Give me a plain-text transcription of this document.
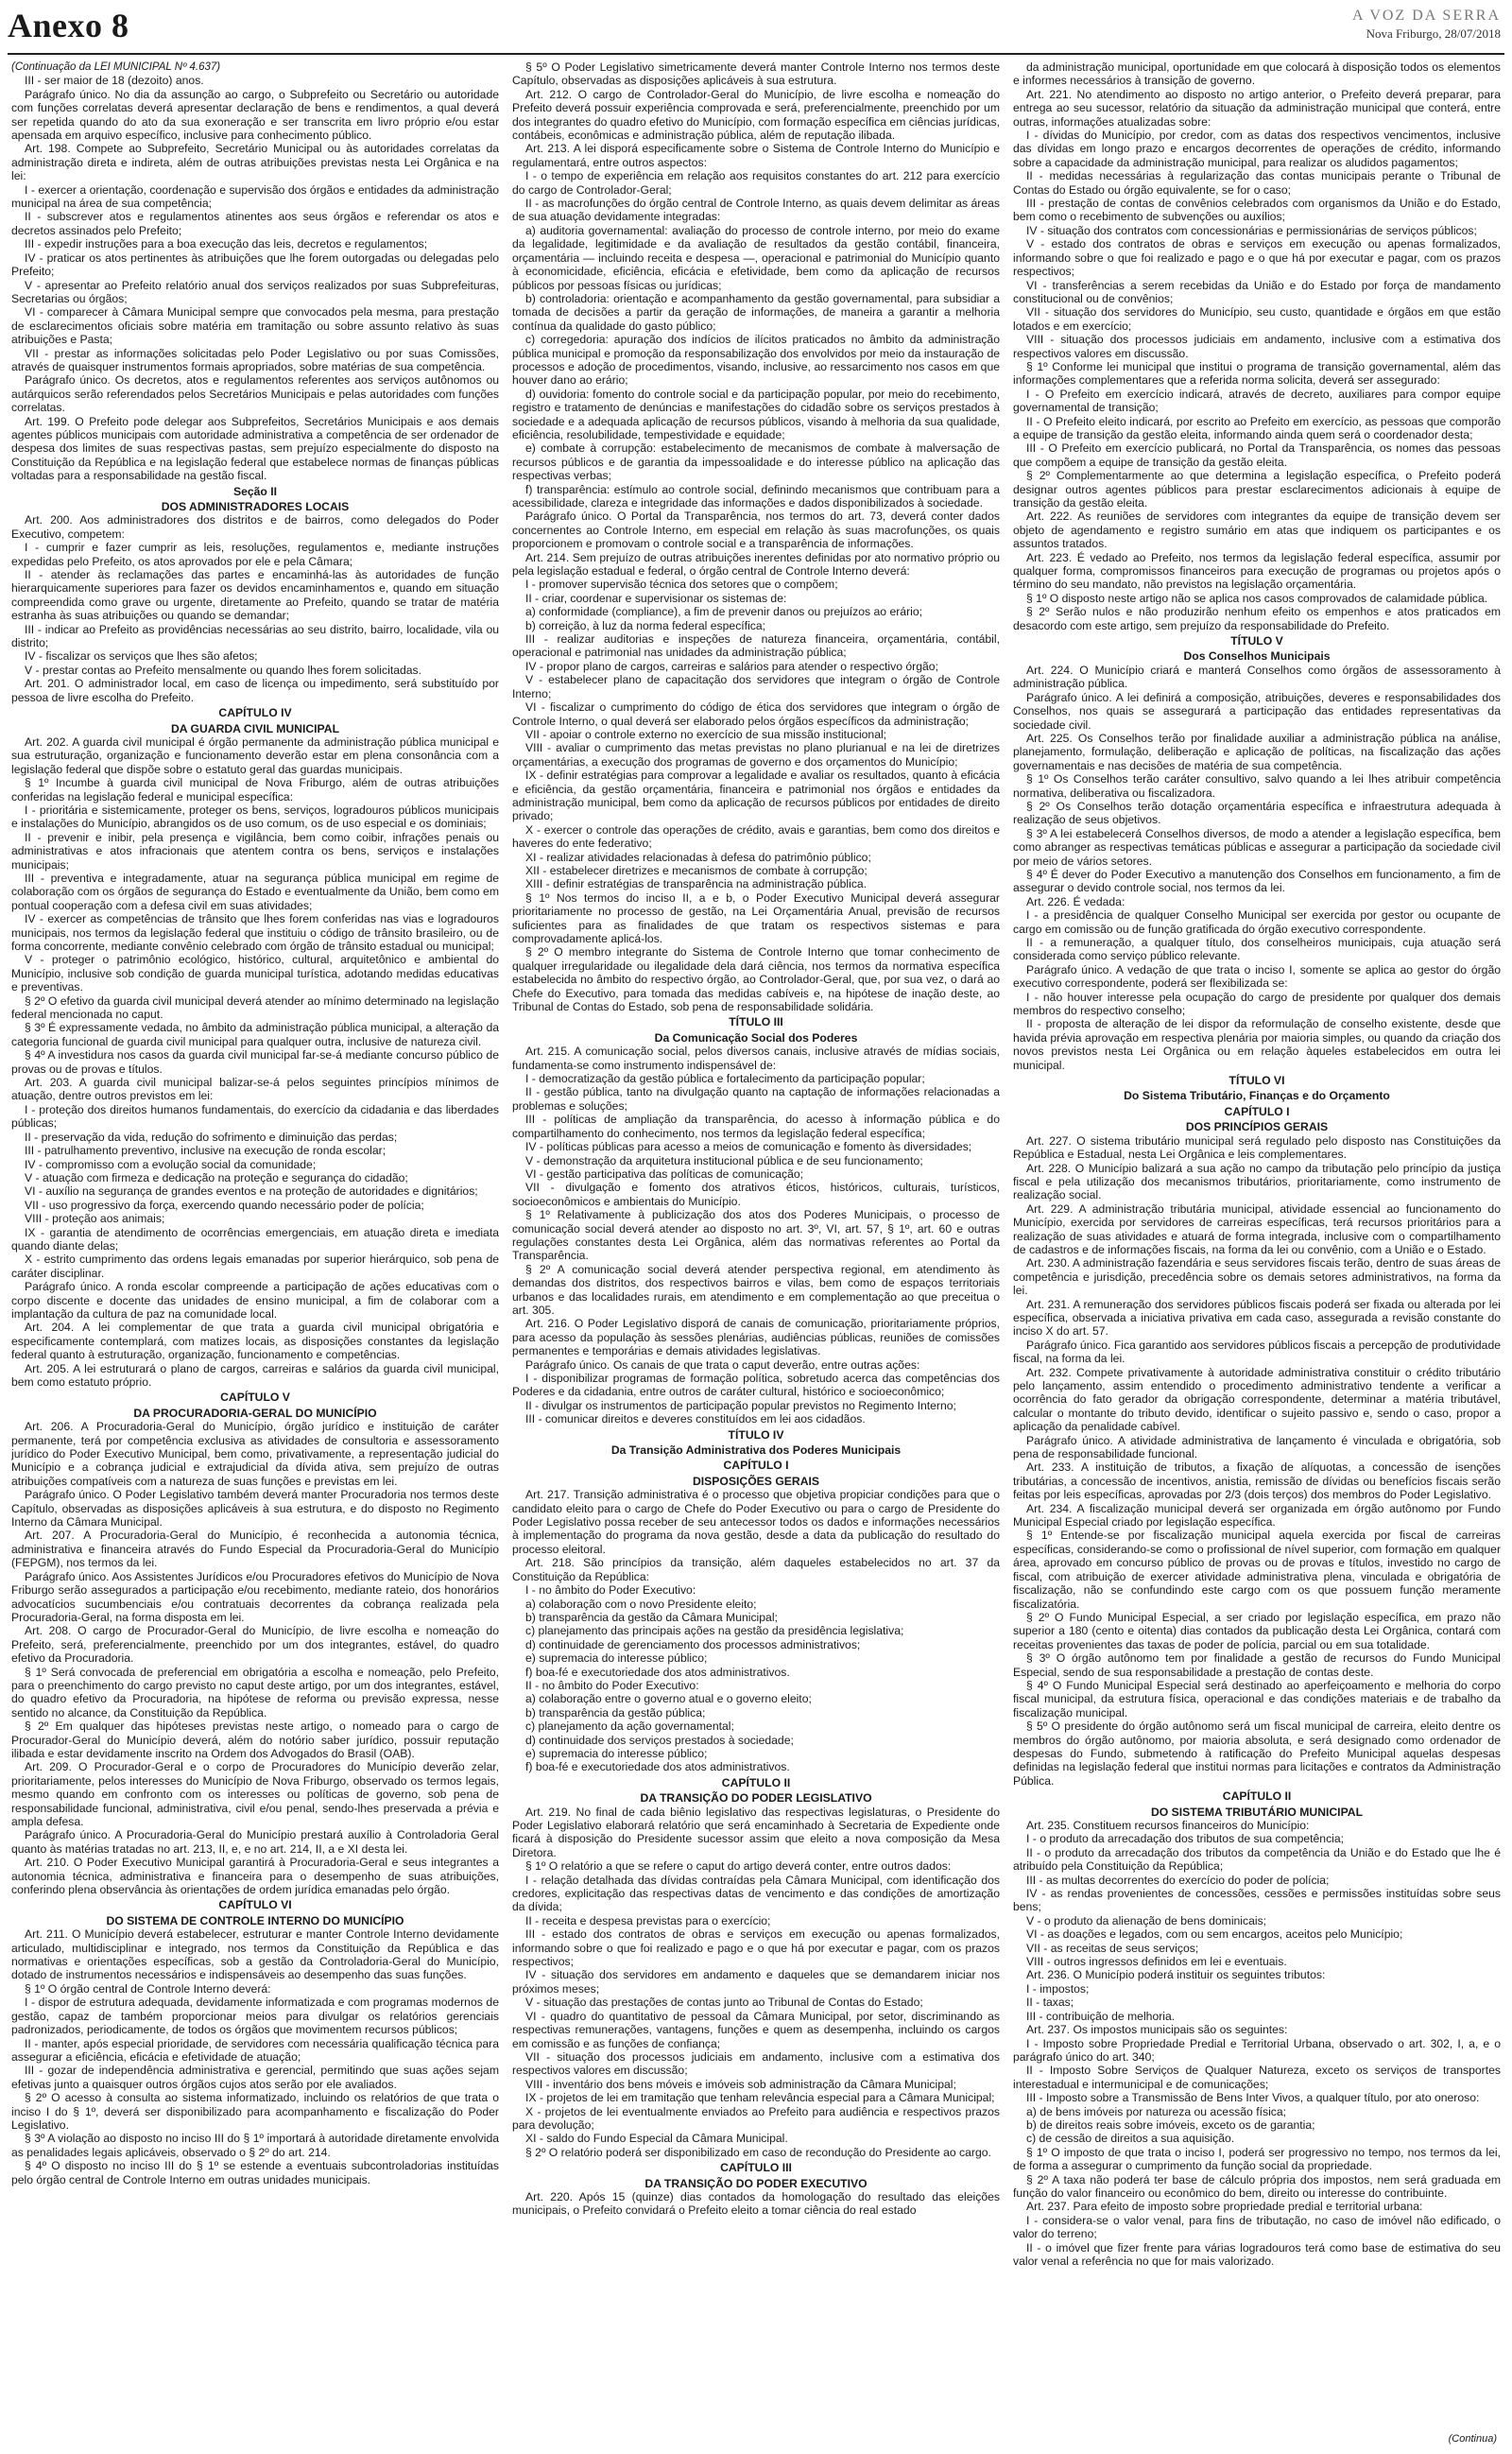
Anexo 8	A VOZ DA SERRA
Nova Friburgo, 28/07/2018

(Continuação da LEI MUNICIPAL Nº 4.637)

III - ser maior de 18 (dezoito) anos.

Parágrafo único. No dia da assunção ao cargo, o Subprefeito ou Secretário ou autoridade com funções correlatas deverá apresentar declaração de bens e rendimentos, a qual deverá ser repetida quando do ato da sua exoneração e ser transcrita em livro próprio e/ou estar apensada em arquivo específico, inclusive para conhecimento público.

Art. 198. Compete ao Subprefeito, Secretário Municipal ou às autoridades correlatas da administração direta e indireta, além de outras atribuições previstas nesta Lei Orgânica e na lei:

I - exercer a orientação, coordenação e supervisão dos órgãos e entidades da administração municipal na área de sua competência;

II - subscrever atos e regulamentos atinentes aos seus órgãos e referendar os atos e decretos assinados pelo Prefeito;

III - expedir instruções para a boa execução das leis, decretos e regulamentos;

IV - praticar os atos pertinentes às atribuições que lhe forem outorgadas ou delegadas pelo Prefeito;

V - apresentar ao Prefeito relatório anual dos serviços realizados por suas Subprefeituras, Secretarias ou órgãos;

VI - comparecer à Câmara Municipal sempre que convocados pela mesma, para prestação de esclarecimentos oficiais sobre matéria em tramitação ou sobre assunto relativo às suas atribuições e Pasta;

VII - prestar as informações solicitadas pelo Poder Legislativo ou por suas Comissões, através de quaisquer instrumentos formais apropriados, sobre matérias de sua competência.

Parágrafo único. Os decretos, atos e regulamentos referentes aos serviços autônomos ou autárquicos serão referendados pelos Secretários Municipais e pelas autoridades com funções correlatas.

Art. 199. O Prefeito pode delegar aos Subprefeitos, Secretários Municipais e aos demais agentes públicos municipais com autoridade administrativa a competência de ser ordenador de despesa dos limites de suas respectivas pastas, sem prejuízo especialmente do disposto na Constituição da República e na legislação federal que estabelece normas de finanças públicas voltadas para a responsabilidade na gestão fiscal.

Seção II

DOS ADMINISTRADORES LOCAIS

Art. 200. Aos administradores dos distritos e de bairros, como delegados do Poder Executivo, competem:

I - cumprir e fazer cumprir as leis, resoluções, regulamentos e, mediante instruções expedidas pelo Prefeito, os atos aprovados por ele e pela Câmara;

II - atender às reclamações das partes e encaminhá-las às autoridades de função hierarquicamente superiores para fazer os devidos encaminhamentos e, quando em situação compreendida como grave ou urgente, diretamente ao Prefeito, quando se tratar de matéria estranha às suas atribuições ou quando se demandar;

III - indicar ao Prefeito as providências necessárias ao seu distrito, bairro, localidade, vila ou distrito;

IV - fiscalizar os serviços que lhes são afetos;

V - prestar contas ao Prefeito mensalmente ou quando lhes forem solicitadas.

Art. 201. O administrador local, em caso de licença ou impedimento, será substituído por pessoa de livre escolha do Prefeito.

CAPÍTULO IV

DA GUARDA CIVIL MUNICIPAL

Art. 202. A guarda civil municipal é órgão permanente da administração pública municipal e sua estruturação, organização e funcionamento deverão estar em plena consonância com a legislação federal que dispõe sobre o estatuto geral das guardas municipais.

§ 1º Incumbe à guarda civil municipal de Nova Friburgo, além de outras atribuições conferidas na legislação federal e municipal específica:

I - prioritária e sistemicamente, proteger os bens, serviços, logradouros públicos municipais e instalações do Município, abrangidos os de uso comum, os de uso especial e os dominiais;

II - prevenir e inibir, pela presença e vigilância, bem como coibir, infrações penais ou administrativas e atos infracionais que atentem contra os bens, serviços e instalações municipais;

III - preventiva e integradamente, atuar na segurança pública municipal em regime de colaboração com os órgãos de segurança do Estado e eventualmente da União, bem como em pontual cooperação com a defesa civil em suas atividades;

IV - exercer as competências de trânsito que lhes forem conferidas nas vias e logradouros municipais, nos termos da legislação federal que instituiu o código de trânsito brasileiro, ou de forma concorrente, mediante convênio celebrado com órgão de trânsito estadual ou municipal;

V - proteger o patrimônio ecológico, histórico, cultural, arquitetônico e ambiental do Município, inclusive sob condição de guarda municipal turística, adotando medidas educativas e preventivas.

§ 2º O efetivo da guarda civil municipal deverá atender ao mínimo determinado na legislação federal mencionada no caput.

§ 3º É expressamente vedada, no âmbito da administração pública municipal, a alteração da categoria funcional de guarda civil municipal para qualquer outra, inclusive de natureza civil.

§ 4º A investidura nos casos da guarda civil municipal far-se-á mediante concurso público de provas ou de provas e títulos.

Art. 203. A guarda civil municipal balizar-se-á pelos seguintes princípios mínimos de atuação, dentre outros previstos em lei:

I - proteção dos direitos humanos fundamentais, do exercício da cidadania e das liberdades públicas;

II - preservação da vida, redução do sofrimento e diminuição das perdas;

III - patrulhamento preventivo, inclusive na execução de ronda escolar;

IV - compromisso com a evolução social da comunidade;

V - atuação com firmeza e dedicação na proteção e segurança do cidadão;

VI - auxílio na segurança de grandes eventos e na proteção de autoridades e dignitários;

VII - uso progressivo da força, exercendo quando necessário poder de polícia;

VIII - proteção aos animais;

IX - garantia de atendimento de ocorrências emergenciais, em atuação direta e imediata quando diante delas;

X - estrito cumprimento das ordens legais emanadas por superior hierárquico, sob pena de caráter disciplinar.

Parágrafo único. A ronda escolar compreende a participação de ações educativas com o corpo discente e docente das unidades de ensino municipal, a fim de colaborar com a implantação da cultura de paz na comunidade local.

Art. 204. A lei complementar de que trata a guarda civil municipal obrigatória e especificamente contemplará, com matizes locais, as disposições constantes da legislação federal quanto à estruturação, organização, funcionamento e competências.

Art. 205. A lei estruturará o plano de cargos, carreiras e salários da guarda civil municipal, bem como estatuto próprio.

CAPÍTULO V

DA PROCURADORIA-GERAL DO MUNICÍPIO

Art. 206. A Procuradoria-Geral do Município, órgão jurídico e instituição de caráter permanente, terá por competência exclusiva as atividades de consultoria e assessoramento jurídico do Poder Executivo Municipal, bem como, privativamente, a representação judicial do Município e a cobrança judicial e extrajudicial da dívida ativa, sem prejuízo de outras atribuições compatíveis com a natureza de suas funções e previstas em lei.

Parágrafo único. O Poder Legislativo também deverá manter Procuradoria nos termos deste Capítulo, observadas as disposições aplicáveis à sua estrutura, e do disposto no Regimento Interno da Câmara Municipal.

Art. 207. A Procuradoria-Geral do Município, é reconhecida a autonomia técnica, administrativa e financeira através do Fundo Especial da Procuradoria-Geral do Município (FEPGM), nos termos da lei.

Parágrafo único. Aos Assistentes Jurídicos e/ou Procuradores efetivos do Município de Nova Friburgo serão assegurados a participação e/ou recebimento, mediante rateio, dos honorários advocatícios sucumbenciais e/ou contratuais decorrentes da cobrança realizada pela Procuradoria-Geral, na forma disposta em lei.

Art. 208. O cargo de Procurador-Geral do Município, de livre escolha e nomeação do Prefeito, será, preferencialmente, preenchido por um dos integrantes, estável, do quadro efetivo da Procuradoria.

§ 1º Será convocada de preferencial em obrigatória a escolha e nomeação, pelo Prefeito, para o preenchimento do cargo previsto no caput deste artigo, por um dos integrantes, estável, do quadro efetivo da Procuradoria, na hipótese de reforma ou previsão expressa, nesse sentido no alcance, da Constituição da República.

§ 2º Em qualquer das hipóteses previstas neste artigo, o nomeado para o cargo de Procurador-Geral do Município deverá, além do notório saber jurídico, possuir reputação ilibada e estar devidamente inscrito na Ordem dos Advogados do Brasil (OAB).

Art. 209. O Procurador-Geral e o corpo de Procuradores do Município deverão zelar, prioritariamente, pelos interesses do Município de Nova Friburgo, observado os termos legais, mesmo quando em confronto com os interesses ou políticas de governo, sob pena de responsabilidade funcional, administrativa, civil e/ou penal, sendo-lhes preservada a prévia e ampla defesa.

Parágrafo único. A Procuradoria-Geral do Município prestará auxílio à Controladoria Geral quanto às matérias tratadas no art. 213, II, e, e no art. 214, II, a e XI desta lei.

Art. 210. O Poder Executivo Municipal garantirá à Procuradoria-Geral e seus integrantes a autonomia técnica, administrativa e financeira para o desempenho de suas atribuições, conferindo plena observância às orientações de ordem jurídica emanadas pelo órgão.

CAPÍTULO VI

DO SISTEMA DE CONTROLE INTERNO DO MUNICÍPIO

Art. 211. O Município deverá estabelecer, estruturar e manter Controle Interno devidamente articulado, multidisciplinar e integrado, nos termos da Constituição da República e das normativas e orientações específicas, sob a gestão da Controladoria-Geral do Município, dotado de instrumentos necessários e indispensáveis ao desempenho das suas funções.

§ 1º O órgão central de Controle Interno deverá:

I - dispor de estrutura adequada, devidamente informatizada e com programas modernos de gestão, capaz de também proporcionar meios para divulgar os relatórios gerenciais padronizados, periodicamente, de todos os órgãos que movimentem recursos públicos;

II - manter, após especial prioridade, de servidores com necessária qualificação técnica para assegurar a eficiência, eficácia e efetividade de atuação;

III - gozar de independência administrativa e gerencial, permitindo que suas ações sejam efetivas junto a quaisquer outros órgãos cujos atos serão por ele avaliados.

§ 2º O acesso à consulta ao sistema informatizado, incluindo os relatórios de que trata o inciso I do § 1º, deverá ser disponibilizado para acompanhamento e fiscalização do Poder Legislativo.

§ 3º A violação ao disposto no inciso III do § 1º importará à autoridade diretamente envolvida as penalidades legais aplicáveis, observado o § 2º do art. 214.

§ 4º O disposto no inciso III do § 1º se estende a eventuais subcontroladorias instituídas pelo órgão central de Controle Interno em outras unidades municipais.

§ 5º O Poder Legislativo simetricamente deverá manter Controle Interno nos termos deste Capítulo, observadas as disposições aplicáveis à sua estrutura.

Art. 212. O cargo de Controlador-Geral do Município, de livre escolha e nomeação do Prefeito deverá possuir experiência comprovada e será, preferencialmente, preenchido por um dos integrantes do quadro efetivo do Município, com formação específica em ciências jurídicas, contábeis, econômicas e administração pública, além de reputação ilibada.

Art. 213. A lei disporá especificamente sobre o Sistema de Controle Interno do Município e regulamentará, entre outros aspectos:

I - o tempo de experiência em relação aos requisitos constantes do art. 212 para exercício do cargo de Controlador-Geral;

II - as macrofunções do órgão central de Controle Interno, as quais devem delimitar as áreas de sua atuação devidamente integradas:

a) auditoria governamental: avaliação do processo de controle interno, por meio do exame da legalidade, legitimidade e da avaliação de resultados da gestão contábil, financeira, orçamentária — incluindo receita e despesa —, operacional e patrimonial do Município quanto à economicidade, eficiência, eficácia e efetividade, bem como da aplicação de recursos públicos por pessoas físicas ou jurídicas;

b) controladoria: orientação e acompanhamento da gestão governamental, para subsidiar a tomada de decisões a partir da geração de informações, de maneira a garantir a melhoria contínua da qualidade do gasto público;

c) corregedoria: apuração dos indícios de ilícitos praticados no âmbito da administração pública municipal e promoção da responsabilização dos envolvidos por meio da instauração de processos e adoção de procedimentos, visando, inclusive, ao ressarcimento nos casos em que houver dano ao erário;

d) ouvidoria: fomento do controle social e da participação popular, por meio do recebimento, registro e tratamento de denúncias e manifestações do cidadão sobre os serviços prestados à sociedade e a adequada aplicação de recursos públicos, visando à melhoria da sua qualidade, eficiência, resolubilidade, tempestividade e equidade;

e) combate à corrupção: estabelecimento de mecanismos de combate à malversação de recursos públicos e de garantia da impessoalidade e do interesse público na aplicação das respectivas verbas;

f) transparência: estímulo ao controle social, definindo mecanismos que contribuam para a acessibilidade, clareza e integridade das informações e dados disponibilizados à sociedade.

Parágrafo único. O Portal da Transparência, nos termos do art. 73, deverá conter dados concernentes ao Controle Interno, em especial em relação às suas macrofunções, os quais proporcionem e promovam o controle social e a transparência de informações.

Art. 214. Sem prejuízo de outras atribuições inerentes definidas por ato normativo próprio ou pela legislação estadual e federal, o órgão central de Controle Interno deverá:

I - promover supervisão técnica dos setores que o compõem;

II - criar, coordenar e supervisionar os sistemas de:

a) conformidade (compliance), a fim de prevenir danos ou prejuízos ao erário;

b) correição, à luz da norma federal específica;

III - realizar auditorias e inspeções de natureza financeira, orçamentária, contábil, operacional e patrimonial nas unidades da administração pública;

IV - propor plano de cargos, carreiras e salários para atender o respectivo órgão;

V - estabelecer plano de capacitação dos servidores que integram o órgão de Controle Interno;

VI - fiscalizar o cumprimento do código de ética dos servidores que integram o órgão de Controle Interno, o qual deverá ser elaborado pelos órgãos específicos da administração;

VII - apoiar o controle externo no exercício de sua missão institucional;

VIII - avaliar o cumprimento das metas previstas no plano plurianual e na lei de diretrizes orçamentárias, a execução dos programas de governo e dos orçamentos do Município;

IX - definir estratégias para comprovar a legalidade e avaliar os resultados, quanto à eficácia e eficiência, da gestão orçamentária, financeira e patrimonial nos órgãos e entidades da administração municipal, bem como da aplicação de recursos públicos por entidades de direito privado;

X - exercer o controle das operações de crédito, avais e garantias, bem como dos direitos e haveres do ente federativo;

XI - realizar atividades relacionadas à defesa do patrimônio público;

XII - estabelecer diretrizes e mecanismos de combate à corrupção;

XIII - definir estratégias de transparência na administração pública.

§ 1º Nos termos do inciso II, a e b, o Poder Executivo Municipal deverá assegurar prioritariamente no processo de gestão, na Lei Orçamentária Anual, previsão de recursos suficientes para as finalidades de que tratam os respectivos sistemas e para comprovadamente aplicá-los.

§ 2º O membro integrante do Sistema de Controle Interno que tomar conhecimento de qualquer irregularidade ou ilegalidade dela dará ciência, nos termos da normativa específica estabelecida no âmbito do respectivo órgão, ao Controlador-Geral, que, por sua vez, o dará ao Chefe do Executivo, para tomada das medidas cabíveis e, na hipótese de inação deste, ao Tribunal de Contas do Estado, sob pena de responsabilidade solidária.

TÍTULO III

Da Comunicação Social dos Poderes

Art. 215. A comunicação social, pelos diversos canais, inclusive através de mídias sociais, fundamenta-se como instrumento indispensável de:

I - democratização da gestão pública e fortalecimento da participação popular;

II - gestão pública, tanto na divulgação quanto na captação de informações relacionadas a problemas e soluções;

III - políticas de ampliação da transparência, do acesso à informação pública e do compartilhamento do conhecimento, nos termos da legislação federal específica;

IV - políticas públicas para acesso a meios de comunicação e fomento às diversidades;

V - demonstração da arquitetura institucional pública e de seu funcionamento;

VI - gestão participativa das políticas de comunicação;

VII - divulgação e fomento dos atrativos éticos, históricos, culturais, turísticos, socioeconômicos e ambientais do Município.

§ 1º Relativamente à publicização dos atos dos Poderes Municipais, o processo de comunicação social deverá atender ao disposto no art. 3º, VI, art. 57, § 1º, art. 60 e outras regulações constantes desta Lei Orgânica, além das normativas referentes ao Portal da Transparência.

§ 2º A comunicação social deverá atender perspectiva regional, em atendimento às demandas dos distritos, dos respectivos bairros e vilas, bem como de espaços territoriais urbanos e das localidades rurais, em atendimento e em complementação ao que preceitua o art. 305.

Art. 216. O Poder Legislativo disporá de canais de comunicação, prioritariamente próprios, para acesso da população às sessões plenárias, audiências públicas, reuniões de comissões permanentes e temporárias e demais atividades legislativas.

Parágrafo único. Os canais de que trata o caput deverão, entre outras ações:

I - disponibilizar programas de formação política, sobretudo acerca das competências dos Poderes e da cidadania, entre outros de caráter cultural, histórico e socioeconômico;

II - divulgar os instrumentos de participação popular previstos no Regimento Interno;

III - comunicar direitos e deveres constituídos em lei aos cidadãos.

TÍTULO IV

Da Transição Administrativa dos Poderes Municipais

CAPÍTULO I

DISPOSIÇÕES GERAIS

Art. 217. Transição administrativa é o processo que objetiva propiciar condições para que o candidato eleito para o cargo de Chefe do Poder Executivo ou para o cargo de Presidente do Poder Legislativo possa receber de seu antecessor todos os dados e informações necessários à implementação do programa da nova gestão, desde a data da publicação do resultado do processo eleitoral.

Art. 218. São princípios da transição, além daqueles estabelecidos no art. 37 da Constituição da República:

I - no âmbito do Poder Executivo:

a) colaboração com o novo Presidente eleito;

b) transparência da gestão da Câmara Municipal;

c) planejamento das principais ações na gestão da presidência legislativa;

d) continuidade de gerenciamento dos processos administrativos;

e) supremacia do interesse público;

f) boa-fé e executoriedade dos atos administrativos.

II - no âmbito do Poder Executivo:

a) colaboração entre o governo atual e o governo eleito;

b) transparência da gestão pública;

c) planejamento da ação governamental;

d) continuidade dos serviços prestados à sociedade;

e) supremacia do interesse público;

f) boa-fé e executoriedade dos atos administrativos.

CAPÍTULO II

DA TRANSIÇÃO DO PODER LEGISLATIVO

Art. 219. No final de cada biênio legislativo das respectivas legislaturas, o Presidente do Poder Legislativo elaborará relatório que será encaminhado à Secretaria de Expediente onde ficará à disposição do Presidente sucessor assim que eleito a nova composição da Mesa Diretora.

§ 1º O relatório a que se refere o caput do artigo deverá conter, entre outros dados:

I - relação detalhada das dívidas contraídas pela Câmara Municipal, com identificação dos credores, explicitação das respectivas datas de vencimento e das condições de amortização da dívida;

II - receita e despesa previstas para o exercício;

III - estado dos contratos de obras e serviços em execução ou apenas formalizados, informando sobre o que foi realizado e pago e o que há por executar e pagar, com os prazos respectivos;

IV - situação dos servidores em andamento e daqueles que se demandarem iniciar nos próximos meses;

V - situação das prestações de contas junto ao Tribunal de Contas do Estado;

VI - quadro do quantitativo de pessoal da Câmara Municipal, por setor, discriminando as respectivas remunerações, vantagens, funções e quem as desempenha, incluindo os cargos em comissão e as funções de confiança;

VII - situação dos processos judiciais em andamento, inclusive com a estimativa dos respectivos valores em discussão;

VIII - inventário dos bens móveis e imóveis sob administração da Câmara Municipal;

IX - projetos de lei em tramitação que tenham relevância especial para a Câmara Municipal;

X - projetos de lei eventualmente enviados ao Prefeito para audiência e respectivos prazos para devolução;

XI - saldo do Fundo Especial da Câmara Municipal.

§ 2º O relatório poderá ser disponibilizado em caso de recondução do Presidente ao cargo.

CAPÍTULO III

DA TRANSIÇÃO DO PODER EXECUTIVO

Art. 220. Após 15 (quinze) dias contados da homologação do resultado das eleições municipais, o Prefeito convidará o Prefeito eleito a tomar ciência do real estado

da administração municipal, oportunidade em que colocará à disposição todos os elementos e informes necessários à transição de governo.

Art. 221. No atendimento ao disposto no artigo anterior, o Prefeito deverá preparar, para entrega ao seu sucessor, relatório da situação da administração municipal que conterá, entre outras, informações atualizadas sobre:

I - dívidas do Município, por credor, com as datas dos respectivos vencimentos, inclusive das dívidas em longo prazo e encargos decorrentes de operações de crédito, informando sobre a capacidade da administração municipal, para realizar os aludidos pagamentos;

II - medidas necessárias à regularização das contas municipais perante o Tribunal de Contas do Estado ou órgão equivalente, se for o caso;

III - prestação de contas de convênios celebrados com organismos da União e do Estado, bem como o recebimento de subvenções ou auxílios;

IV - situação dos contratos com concessionárias e permissionárias de serviços públicos;

V - estado dos contratos de obras e serviços em execução ou apenas formalizados, informando sobre o que foi realizado e pago e o que há por executar e pagar, com os prazos respectivos;

VI - transferências a serem recebidas da União e do Estado por força de mandamento constitucional ou de convênios;

VII - situação dos servidores do Município, seu custo, quantidade e órgãos em que estão lotados e em exercício;

VIII - situação dos processos judiciais em andamento, inclusive com a estimativa dos respectivos valores em discussão.

§ 1º Conforme lei municipal que institui o programa de transição governamental, além das informações complementares que a referida norma solicita, deverá ser assegurado:

I - O Prefeito em exercício indicará, através de decreto, auxiliares para compor equipe governamental de transição;

II - O Prefeito eleito indicará, por escrito ao Prefeito em exercício, as pessoas que comporão a equipe de transição da gestão eleita, informando ainda quem será o coordenador desta;

III - O Prefeito em exercício publicará, no Portal da Transparência, os nomes das pessoas que compõem a equipe de transição da gestão eleita.

§ 2º Complementarmente ao que determina a legislação específica, o Prefeito poderá designar outros agentes públicos para prestar esclarecimentos adicionais à equipe de transição da gestão eleita.

Art. 222. As reuniões de servidores com integrantes da equipe de transição devem ser objeto de agendamento e registro sumário em atas que indiquem os participantes e os assuntos tratados.

Art. 223. É vedado ao Prefeito, nos termos da legislação federal específica, assumir por qualquer forma, compromissos financeiros para execução de programas ou projetos após o término do seu mandato, não previstos na legislação orçamentária.

§ 1º O disposto neste artigo não se aplica nos casos comprovados de calamidade pública.

§ 2º Serão nulos e não produzirão nenhum efeito os empenhos e atos praticados em desacordo com este artigo, sem prejuízo da responsabilidade do Prefeito.

TÍTULO V

Dos Conselhos Municipais

Art. 224. O Município criará e manterá Conselhos como órgãos de assessoramento à administração pública.

Parágrafo único. A lei definirá a composição, atribuições, deveres e responsabilidades dos Conselhos, nos quais se assegurará a participação das entidades representativas da sociedade civil.

Art. 225. Os Conselhos terão por finalidade auxiliar a administração pública na análise, planejamento, formulação, deliberação e aplicação de políticas, na fiscalização das ações governamentais e nas decisões de matéria de sua competência.

§ 1º Os Conselhos terão caráter consultivo, salvo quando a lei lhes atribuir competência normativa, deliberativa ou fiscalizadora.

§ 2º Os Conselhos terão dotação orçamentária específica e infraestrutura adequada à realização de seus objetivos.

§ 3º A lei estabelecerá Conselhos diversos, de modo a atender a legislação específica, bem como abranger as respectivas temáticas públicas e assegurar a participação da sociedade civil por meio de vários setores.

§ 4º É dever do Poder Executivo a manutenção dos Conselhos em funcionamento, a fim de assegurar o devido controle social, nos termos da lei.

Art. 226. É vedada:

I - a presidência de qualquer Conselho Municipal ser exercida por gestor ou ocupante de cargo em comissão ou de função gratificada do órgão executivo correspondente.

II - a remuneração, a qualquer título, dos conselheiros municipais, cuja atuação será considerada como serviço público relevante.

Parágrafo único. A vedação de que trata o inciso I, somente se aplica ao gestor do órgão executivo correspondente, poderá ser flexibilizada se:

I - não houver interesse pela ocupação do cargo de presidente por qualquer dos demais membros do respectivo conselho;

II - proposta de alteração de lei dispor da reformulação de conselho existente, desde que havida prévia aprovação em respectiva plenária por maioria simples, ou quando da criação dos novos previstos nesta Lei Orgânica ou em relação àqueles estabelecidos em outra lei municipal.

TÍTULO VI

Do Sistema Tributário, Finanças e do Orçamento

CAPÍTULO I

DOS PRINCÍPIOS GERAIS

Art. 227. O sistema tributário municipal será regulado pelo disposto nas Constituições da República e Estadual, nesta Lei Orgânica e leis complementares.

Art. 228. O Município balizará a sua ação no campo da tributação pelo princípio da justiça fiscal e pela utilização dos mecanismos tributários, prioritariamente, como instrumento de realização social.

Art. 229. A administração tributária municipal, atividade essencial ao funcionamento do Município, exercida por servidores de carreiras específicas, terá recursos prioritários para a realização de suas atividades e atuará de forma integrada, inclusive com o compartilhamento de cadastros e de informações fiscais, na forma da lei ou convênio, com a União e o Estado.

Art. 230. A administração fazendária e seus servidores fiscais terão, dentro de suas áreas de competência e jurisdição, precedência sobre os demais setores administrativos, na forma da lei.

Art. 231. A remuneração dos servidores públicos fiscais poderá ser fixada ou alterada por lei específica, observada a iniciativa privativa em cada caso, assegurada a revisão constante do inciso X do art. 57.

Parágrafo único. Fica garantido aos servidores públicos fiscais a percepção de produtividade fiscal, na forma da lei.

Art. 232. Compete privativamente à autoridade administrativa constituir o crédito tributário pelo lançamento, assim entendido o procedimento administrativo tendente a verificar a ocorrência do fato gerador da obrigação correspondente, determinar a matéria tributável, calcular o montante do tributo devido, identificar o sujeito passivo e, sendo o caso, propor a aplicação da penalidade cabível.

Parágrafo único. A atividade administrativa de lançamento é vinculada e obrigatória, sob pena de responsabilidade funcional.

Art. 233. A instituição de tributos, a fixação de alíquotas, a concessão de isenções tributárias, a concessão de incentivos, anistia, remissão de dívidas ou benefícios fiscais serão feitas por leis específicas, aprovadas por 2/3 (dois terços) dos membros do Poder Legislativo.

Art. 234. A fiscalização municipal deverá ser organizada em órgão autônomo por Fundo Municipal Especial criado por legislação específica.

§ 1º Entende-se por fiscalização municipal aquela exercida por fiscal de carreiras específicas, considerando-se como o profissional de nível superior, com formação em qualquer área, aprovado em concurso público de provas ou de provas e títulos, investido no cargo de fiscal, com atribuição de exercer atividade administrativa plena, vinculada e obrigatória de fiscalização, não se confundindo este cargo com os que possuem função meramente fiscalizatória.

§ 2º O Fundo Municipal Especial, a ser criado por legislação específica, em prazo não superior a 180 (cento e oitenta) dias contados da publicação desta Lei Orgânica, contará com receitas provenientes das taxas de poder de polícia, parcial ou em sua totalidade.

§ 3º O órgão autônomo tem por finalidade a gestão de recursos do Fundo Municipal Especial, sendo de sua responsabilidade a prestação de contas deste.

§ 4º O Fundo Municipal Especial será destinado ao aperfeiçoamento e melhoria do corpo fiscal municipal, da estrutura física, operacional e das condições materiais e de trabalho da fiscalização municipal.

§ 5º O presidente do órgão autônomo será um fiscal municipal de carreira, eleito dentre os membros do órgão autônomo, por maioria absoluta, e será designado como ordenador de despesas do Fundo, submetendo à ratificação do Prefeito Municipal aquelas despesas definidas na legislação federal que institui normas para licitações e contratos da Administração Pública.

CAPÍTULO II

DO SISTEMA TRIBUTÁRIO MUNICIPAL

Art. 235. Constituem recursos financeiros do Município:

I - o produto da arrecadação dos tributos de sua competência;

II - o produto da arrecadação dos tributos da competência da União e do Estado que lhe é atribuído pela Constituição da República;

III - as multas decorrentes do exercício do poder de polícia;

IV - as rendas provenientes de concessões, cessões e permissões instituídas sobre seus bens;

V - o produto da alienação de bens dominicais;

VI - as doações e legados, com ou sem encargos, aceitos pelo Município;

VII - as receitas de seus serviços;

VIII - outros ingressos definidos em lei e eventuais.

Art. 236. O Município poderá instituir os seguintes tributos:

I - impostos;

II - taxas;

III - contribuição de melhoria.

Art. 237. Os impostos municipais são os seguintes:

I - Imposto sobre Propriedade Predial e Territorial Urbana, observado o art. 302, I, a, e o parágrafo único do art. 340;

II - Imposto Sobre Serviços de Qualquer Natureza, exceto os serviços de transportes interestadual e intermunicipal e de comunicações;

III - Imposto sobre a Transmissão de Bens Inter Vivos, a qualquer título, por ato oneroso:

a) de bens imóveis por natureza ou acessão física;

b) de direitos reais sobre imóveis, exceto os de garantia;

c) de cessão de direitos a sua aquisição.

§ 1º O imposto de que trata o inciso I, poderá ser progressivo no tempo, nos termos da lei, de forma a assegurar o cumprimento da função social da propriedade.

§ 2º A taxa não poderá ter base de cálculo própria dos impostos, nem será graduada em função do valor financeiro ou econômico do bem, direito ou interesse do contribuinte.

Art. 237. Para efeito de imposto sobre propriedade predial e territorial urbana:

I - considera-se o valor venal, para fins de tributação, no caso de imóvel não edificado, o valor do terreno;

II - o imóvel que fizer frente para várias logradouros terá como base de estimativa do seu valor venal a referência no que for mais valorizado.

(Continua)
